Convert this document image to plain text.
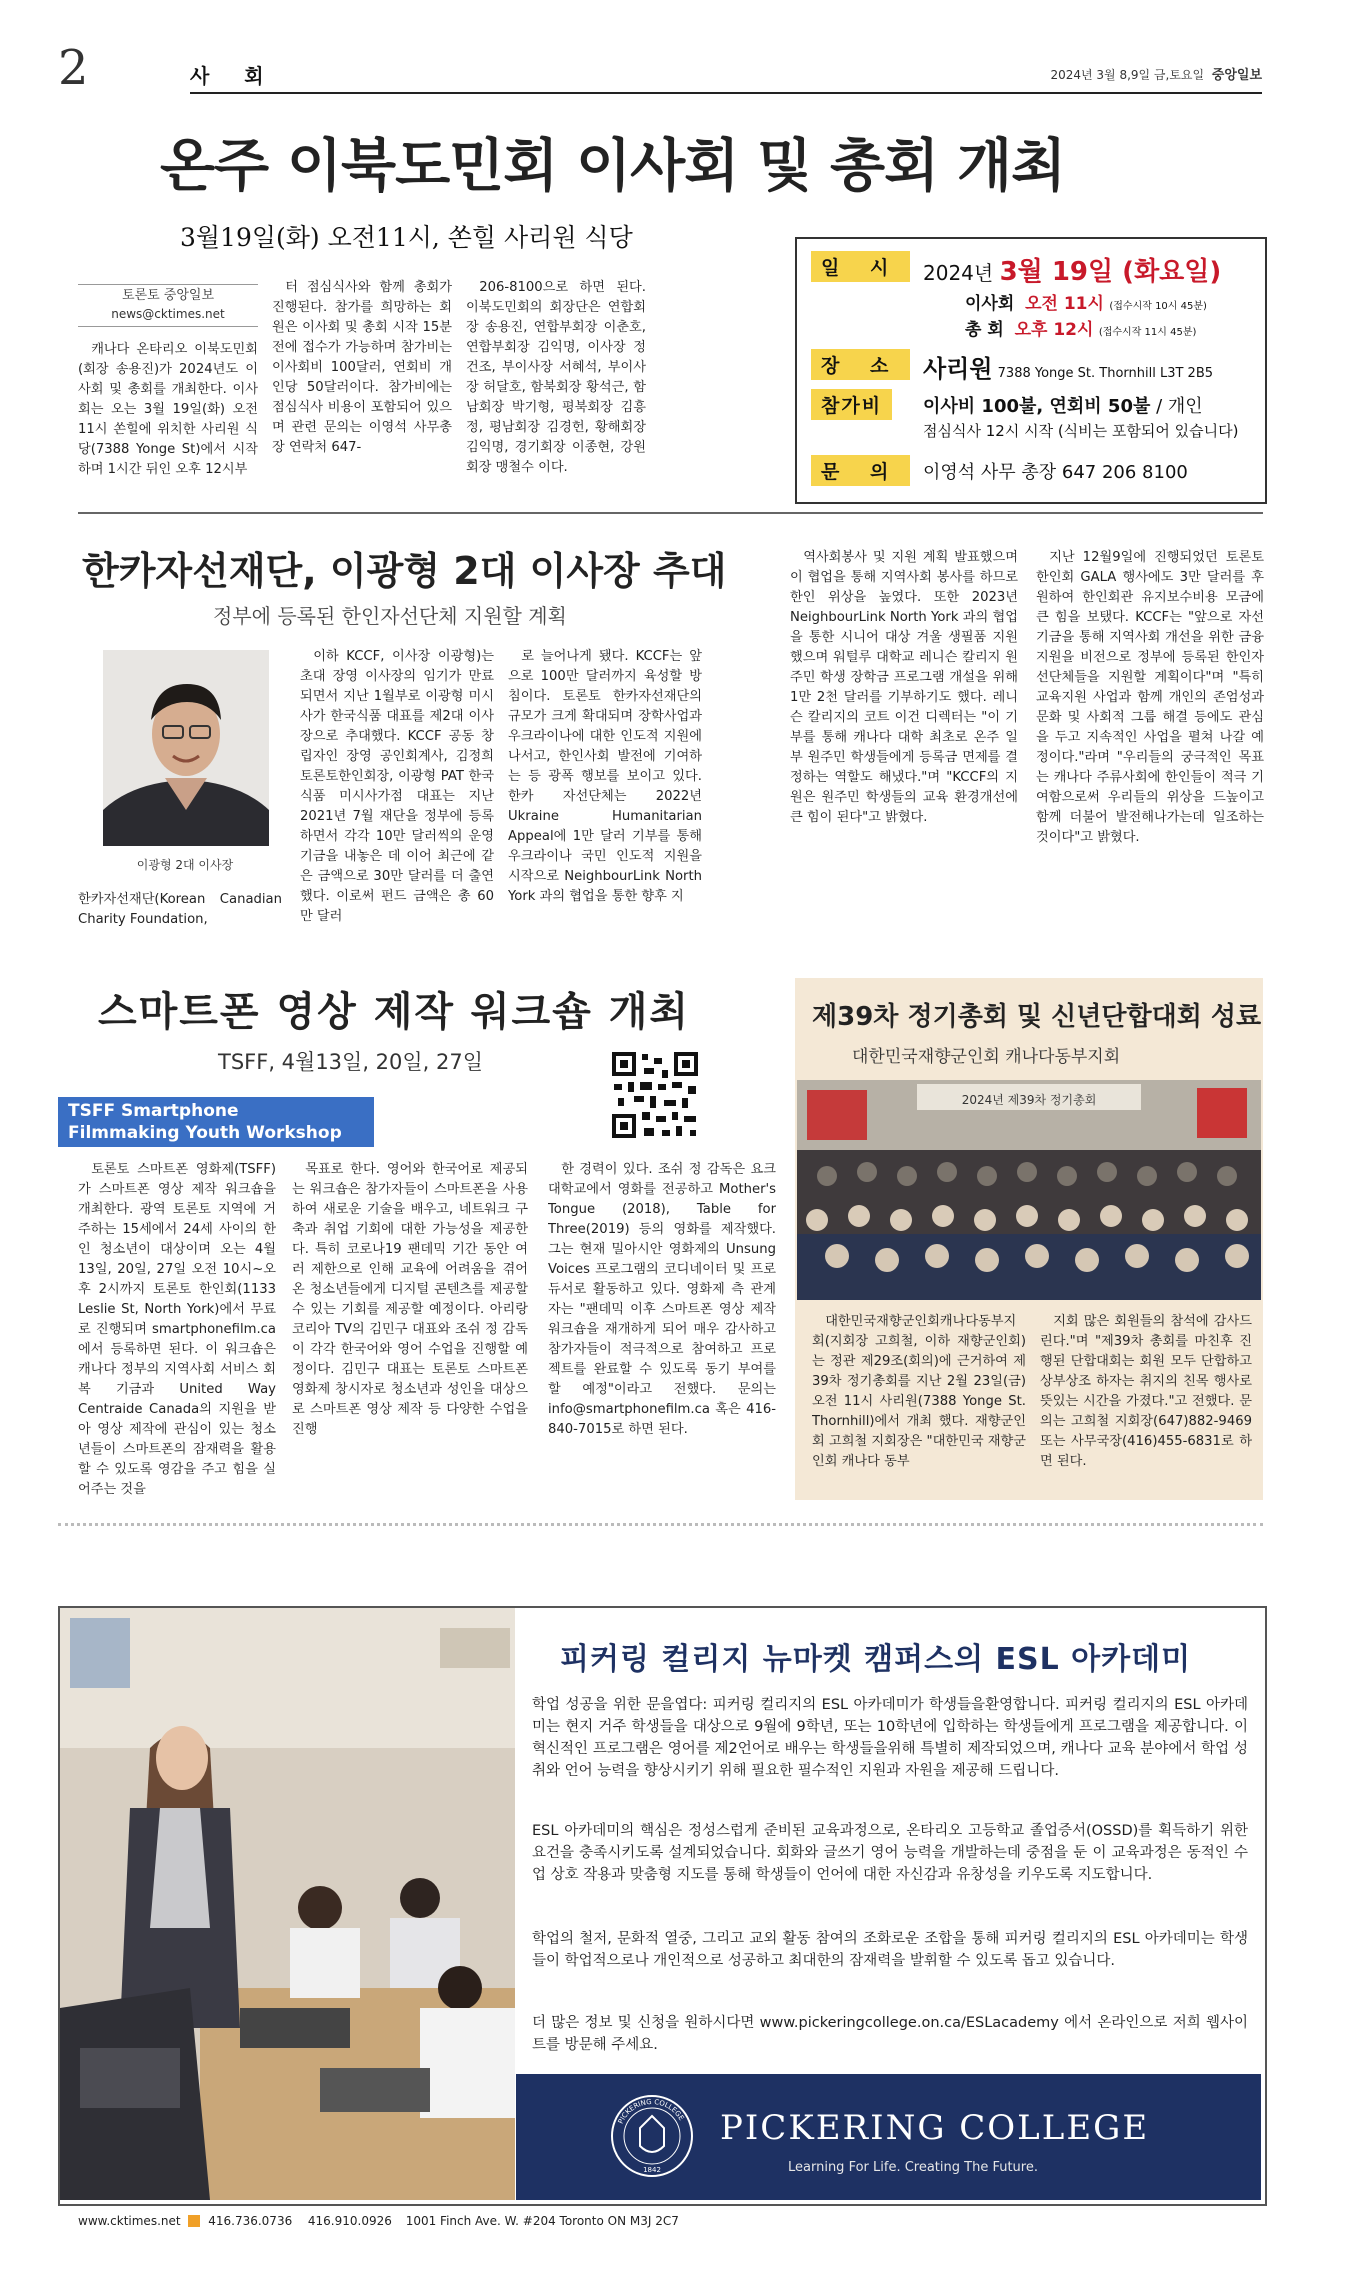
2	사 회	2024년 3월 8,9일 금,토요일 중앙일보
온주 이북도민회 이사회 및 총회 개최
3월19일(화) 오전11시, 쏜힐 사리원 식당
토론토 중앙일보
news@cktimes.net

캐나다 온타리오 이북도민회(회장 송용진)가 2024년도 이사회 및 총회를 개최한다. 이사회는 오는 3월 19일(화) 오전 11시 쏜힐에 위치한 사리원 식당(7388 Yonge St)에서 시작하며 1시간 뒤인 오후 12시부

터 점심식사와 함께 총회가 진행된다. 참가를 희망하는 회원은 이사회 및 총회 시작 15분 전에 접수가 가능하며 참가비는 이사회비 100달러, 연회비 개인당 50달러이다. 참가비에는 점심식사 비용이 포함되어 있으며 관련 문의는 이영석 사무총장 연락처 647-

206-8100으로 하면 된다. 이북도민회의 회장단은 연합회장 송용진, 연합부회장 이춘호, 연합부회장 김익명, 이사장 정건조, 부이사장 서혜석, 부이사장 허달호, 함북회장 황석근, 함남회장 박기형, 평북회장 김흥정, 평남회장 김경헌, 황해회장 김익명, 경기회장 이종현, 강원회장 맹철수 이다.

일 시	2024년 3월 19일 (화요일)
이사회 오전 11시 (접수시작 10시 45분)
총 회 오후 12시 (접수시작 11시 45분)
장 소 사리원 7388 Yonge St. Thornhill L3T 2B5
참가비	이사비 100불, 연회비 50불 / 개인
점심식사 12시 시작 (식비는 포함되어 있습니다)
문 의	이영석 사무 총장 647 206 8100
한카자선재단, 이광형 2대 이사장 추대
정부에 등록된 한인자선단체 지원할 계획
이광형 2대 이사장

한카자선재단(Korean Canadian Charity Foundation,

이하 KCCF, 이사장 이광형)는 초대 장영 이사장의 임기가 만료되면서 지난 1월부로 이광형 미시사가 한국식품 대표를 제2대 이사장으로 추대했다. KCCF 공동 창립자인 장영 공인회계사, 김정희 토론토한인회장, 이광형 PAT 한국식품 미시사가점 대표는 지난 2021년 7월 재단을 정부에 등록하면서 각각 10만 달러씩의 운영기금을 내놓은 데 이어 최근에 같은 금액으로 30만 달러를 더 출연했다. 이로써 펀드 금액은 총 60만 달러

로 늘어나게 됐다. KCCF는 앞으로 100만 달러까지 육성할 방침이다. 토론토 한카자선재단의 규모가 크게 확대되며 장학사업과 우크라이나에 대한 인도적 지원에 나서고, 한인사회 발전에 기여하는 등 광폭 행보를 보이고 있다. 한카 자선단체는 2022년 Ukraine Humanitarian Appeal에 1만 달러 기부를 통해 우크라이나 국민 인도적 지원을 시작으로 NeighbourLink North York 과의 협업을 통한 향후 지

역사회봉사 및 지원 계획 발표했으며 이 협업을 통해 지역사회 봉사를 하므로 한인 위상을 높였다. 또한 2023년 NeighbourLink North York 과의 협업을 통한 시니어 대상 겨울 생필품 지원했으며 워털루 대학교 레니슨 칼리지 원주민 학생 장학금 프로그램 개설을 위해 1만 2천 달러를 기부하기도 했다. 레니슨 칼리지의 코트 이건 디렉터는 "이 기부를 통해 캐나다 대학 최초로 온주 일부 원주민 학생들에게 등록금 면제를 결정하는 역할도 해냈다."며 "KCCF의 지원은 원주민 학생들의 교육 환경개선에 큰 힘이 된다"고 밝혔다.

지난 12월9일에 진행되었던 토론토한인회 GALA 행사에도 3만 달러를 후원하여 한인회관 유지보수비용 모금에 큰 힘을 보탰다. KCCF는 "앞으로 자선기금을 통해 지역사회 개선을 위한 금융지원을 비전으로 정부에 등록된 한인자선단체들을 지원할 계획이다"며 "특히 교육지원 사업과 함께 개인의 존엄성과 문화 및 사회적 그룹 해결 등에도 관심을 두고 지속적인 사업을 펼쳐 나갈 예정이다."라며 "우리들의 궁극적인 목표는 캐나다 주류사회에 한인들이 적극 기여함으로써 우리들의 위상을 드높이고 함께 더불어 발전해나가는데 일조하는 것이다"고 밝혔다.

스마트폰 영상 제작 워크숍 개최
TSFF, 4월13일, 20일, 27일
TSFF Smartphone
Filmmaking Youth Workshop

토론토 스마트폰 영화제(TSFF)가 스마트폰 영상 제작 워크숍을 개최한다. 광역 토론토 지역에 거주하는 15세에서 24세 사이의 한인 청소년이 대상이며 오는 4월 13일, 20일, 27일 오전 10시~오후 2시까지 토론토 한인회(1133 Leslie St, North York)에서 무료로 진행되며 smartphonefilm.ca에서 등록하면 된다. 이 워크숍은 캐나다 정부의 지역사회 서비스 회복 기금과 United Way Centraide Canada의 지원을 받아 영상 제작에 관심이 있는 청소년들이 스마트폰의 잠재력을 활용할 수 있도록 영감을 주고 힘을 실어주는 것을

목표로 한다. 영어와 한국어로 제공되는 워크숍은 참가자들이 스마트폰을 사용하여 새로운 기술을 배우고, 네트워크 구축과 취업 기회에 대한 가능성을 제공한다. 특히 코로나19 팬데믹 기간 동안 여러 제한으로 인해 교육에 어려움을 겪어온 청소년들에게 디지털 콘텐츠를 제공할 수 있는 기회를 제공할 예정이다. 아리랑 코리아 TV의 김민구 대표와 조쉬 정 감독이 각각 한국어와 영어 수업을 진행할 예정이다. 김민구 대표는 토론토 스마트폰 영화제 창시자로 청소년과 성인을 대상으로 스마트폰 영상 제작 등 다양한 수업을 진행

한 경력이 있다. 조쉬 정 감독은 요크 대학교에서 영화를 전공하고 Mother's Tongue (2018), Table for Three(2019) 등의 영화를 제작했다. 그는 현재 밀아시안 영화제의 Unsung Voices 프로그램의 코디네이터 및 프로듀서로 활동하고 있다. 영화제 측 관계자는 "팬데믹 이후 스마트폰 영상 제작 워크숍을 재개하게 되어 매우 감사하고 참가자들이 적극적으로 참여하고 프로젝트를 완료할 수 있도록 동기 부여를 할 예정"이라고 전했다. 문의는 info@smartphonefilm.ca 혹은 416-840-7015로 하면 된다.

제39차 정기총회 및 신년단합대회 성료
대한민국재향군인회 캐나다동부지회
2024년 제39차 정기총회

대한민국재향군인회캐나다동부지회(지회장 고희철, 이하 재향군인회)는 정관 제29조(회의)에 근거하여 제39차 정기총회를 지난 2월 23일(금) 오전 11시 사리원(7388 Yonge St. Thornhill)에서 개최 했다. 재향군인회 고희철 지회장은 "대한민국 재향군인회 캐나다 동부

지회 많은 회원들의 참석에 감사드린다."며 "제39차 총회를 마친후 진행된 단합대회는 회원 모두 단합하고 상부상조 하자는 취지의 친목 행사로 뜻있는 시간을 가졌다."고 전했다. 문의는 고희철 지회장(647)882-9469 또는 사무국장(416)455-6831로 하면 된다.

피커링 컬리지 뉴마켓 캠퍼스의 ESL 아카데미

학업 성공을 위한 문을엽다: 피커링 컬리지의 ESL 아카데미가 학생들을환영합니다. 피커링 컬리지의 ESL 아카데미는 현지 거주 학생들을 대상으로 9월에 9학년, 또는 10학년에 입학하는 학생들에게 프로그램을 제공합니다. 이 혁신적인 프로그램은 영어를 제2언어로 배우는 학생들을위해 특별히 제작되었으며, 캐나다 교육 분야에서 학업 성취와 언어 능력을 향상시키기 위해 필요한 필수적인 지원과 자원을 제공해 드립니다.

ESL 아카데미의 핵심은 정성스럽게 준비된 교육과정으로, 온타리오 고등학교 졸업증서(OSSD)를 획득하기 위한 요건을 충족시키도록 설계되었습니다. 회화와 글쓰기 영어 능력을 개발하는데 중점을 둔 이 교육과정은 동적인 수업 상호 작용과 맞춤형 지도를 통해 학생들이 언어에 대한 자신감과 유창성을 키우도록 지도합니다.

학업의 철저, 문화적 열중, 그리고 교외 활동 참여의 조화로운 조합을 통해 피커링 컬리지의 ESL 아카데미는 학생들이 학업적으로나 개인적으로 성공하고 최대한의 잠재력을 발휘할 수 있도록 돕고 있습니다.

더 많은 정보 및 신청을 원하시다면 www.pickeringcollege.on.ca/ESLacademy 에서 온라인으로 저희 웹사이트를 방문해 주세요.

PICKERING COLLEGE
1842
PICKERING COLLEGE
Learning For Life. Creating The Future.
www.cktimes.net 416.736.0736 416.910.0926 1001 Finch Ave. W. #204 Toronto ON M3J 2C7
